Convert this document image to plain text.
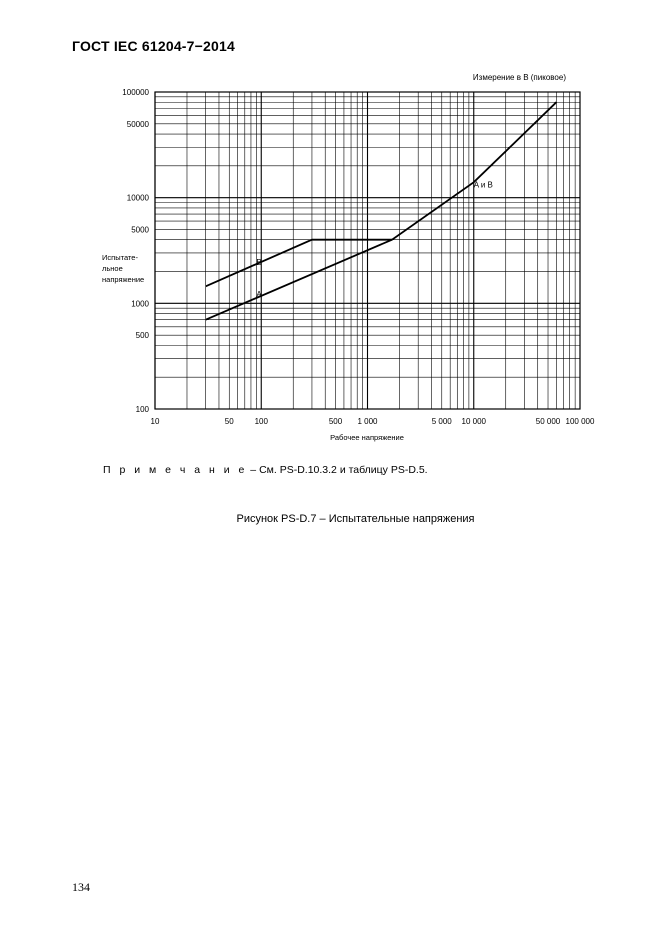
ГОСТ IEC 61204-7−2014
10	50	100	500 1 000	5 000 10 000	50 000 100 000
100
500
1000
5000
10000
50000
100000
Измерение в В (пиковое)
Рабочее напряжение
Испытате-
льное
напряжение
A
B
A и B
П р и м е ч а н и е – См. PS-D.10.3.2 и таблицу PS-D.5.
Рисунок PS-D.7 – Испытательные напряжения
134
